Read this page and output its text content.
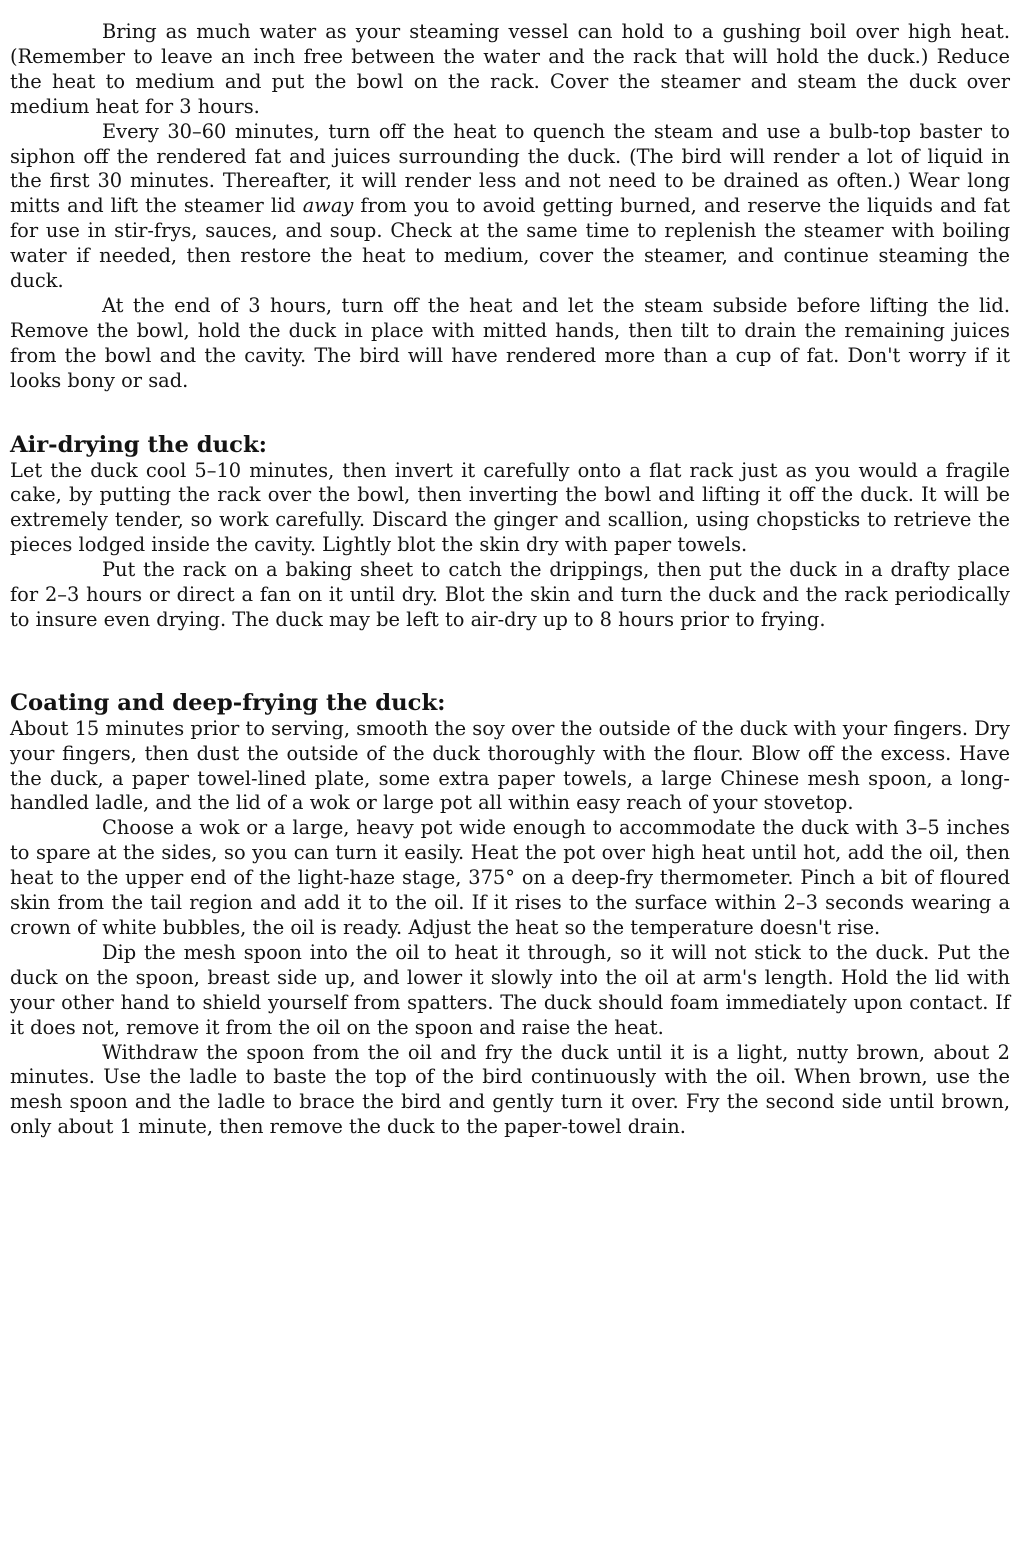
Bring as much water as your steaming vessel can hold to a gushing boil over high heat. (Remember to leave an inch free between the water and the rack that will hold the duck.) Reduce the heat to medium and put the bowl on the rack. Cover the steamer and steam the duck over medium heat for 3 hours.

Every 30–60 minutes, turn off the heat to quench the steam and use a bulb-top baster to siphon off the rendered fat and juices surrounding the duck. (The bird will render a lot of liquid in the first 30 minutes. Thereafter, it will render less and not need to be drained as often.) Wear long mitts and lift the steamer lid away from you to avoid getting burned, and reserve the liquids and fat for use in stir-frys, sauces, and soup. Check at the same time to replenish the steamer with boiling water if needed, then restore the heat to medium, cover the steamer, and continue steaming the duck.

At the end of 3 hours, turn off the heat and let the steam subside before lifting the lid. Remove the bowl, hold the duck in place with mitted hands, then tilt to drain the remaining juices from the bowl and the cavity. The bird will have rendered more than a cup of fat. Don't worry if it looks bony or sad.

Air-drying the duck:

Let the duck cool 5–10 minutes, then invert it carefully onto a flat rack just as you would a fragile cake, by putting the rack over the bowl, then inverting the bowl and lifting it off the duck. It will be extremely tender, so work carefully. Discard the ginger and scallion, using chopsticks to retrieve the pieces lodged inside the cavity. Lightly blot the skin dry with paper towels.

Put the rack on a baking sheet to catch the drippings, then put the duck in a drafty place for 2–3 hours or direct a fan on it until dry. Blot the skin and turn the duck and the rack periodically to insure even drying. The duck may be left to air-dry up to 8 hours prior to frying.

Coating and deep-frying the duck:

About 15 minutes prior to serving, smooth the soy over the outside of the duck with your fingers. Dry your fingers, then dust the outside of the duck thoroughly with the flour. Blow off the excess. Have the duck, a paper towel-lined plate, some extra paper towels, a large Chinese mesh spoon, a long-handled ladle, and the lid of a wok or large pot all within easy reach of your stovetop.

Choose a wok or a large, heavy pot wide enough to accommodate the duck with 3–5 inches to spare at the sides, so you can turn it easily. Heat the pot over high heat until hot, add the oil, then heat to the upper end of the light-haze stage, 375° on a deep-fry thermometer. Pinch a bit of floured skin from the tail region and add it to the oil. If it rises to the surface within 2–3 seconds wearing a crown of white bubbles, the oil is ready. Adjust the heat so the temperature doesn't rise.

Dip the mesh spoon into the oil to heat it through, so it will not stick to the duck. Put the duck on the spoon, breast side up, and lower it slowly into the oil at arm's length. Hold the lid with your other hand to shield yourself from spatters. The duck should foam immediately upon contact. If it does not, remove it from the oil on the spoon and raise the heat.

Withdraw the spoon from the oil and fry the duck until it is a light, nutty brown, about 2 minutes. Use the ladle to baste the top of the bird continuously with the oil. When brown, use the mesh spoon and the ladle to brace the bird and gently turn it over. Fry the second side until brown, only about 1 minute, then remove the duck to the paper-towel drain.
